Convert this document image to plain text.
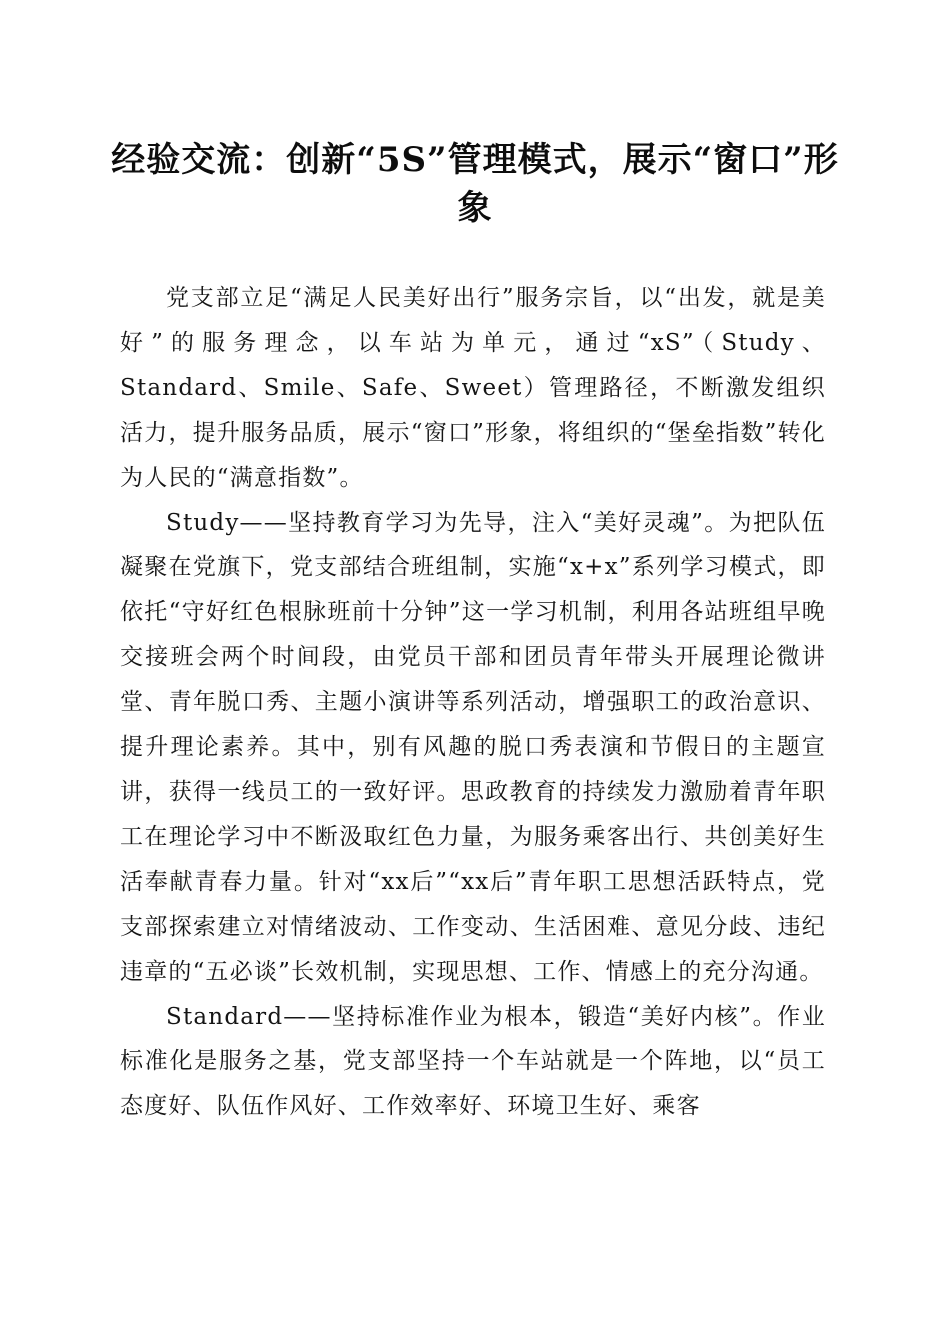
经验交流：创新“5S”管理模式，展示“窗口”形象

党支部立足“满足人民美好出行”服务宗旨，以“出发，就是美好”的服务理念，以车站为单元，通过“xS”（Study、Standard、Smile、Safe、Sweet）管理路径，不断激发组织活力，提升服务品质，展示“窗口”形象，将组织的“堡垒指数”转化为人民的“满意指数”。

Study——坚持教育学习为先导，注入“美好灵魂”。为把队伍凝聚在党旗下，党支部结合班组制，实施“x+x”系列学习模式，即依托“守好红色根脉班前十分钟”这一学习机制，利用各站班组早晚交接班会两个时间段，由党员干部和团员青年带头开展理论微讲堂、青年脱口秀、主题小演讲等系列活动，增强职工的政治意识、提升理论素养。其中，别有风趣的脱口秀表演和节假日的主题宣讲，获得一线员工的一致好评。思政教育的持续发力激励着青年职工在理论学习中不断汲取红色力量，为服务乘客出行、共创美好生活奉献青春力量。针对“xx后”“xx后”青年职工思想活跃特点，党支部探索建立对情绪波动、工作变动、生活困难、意见分歧、违纪违章的“五必谈”长效机制，实现思想、工作、情感上的充分沟通。

Standard——坚持标准作业为根本，锻造“美好内核”。作业标准化是服务之基，党支部坚持一个车站就是一个阵地，以“员工态度好、队伍作风好、工作效率好、环境卫生好、乘客
